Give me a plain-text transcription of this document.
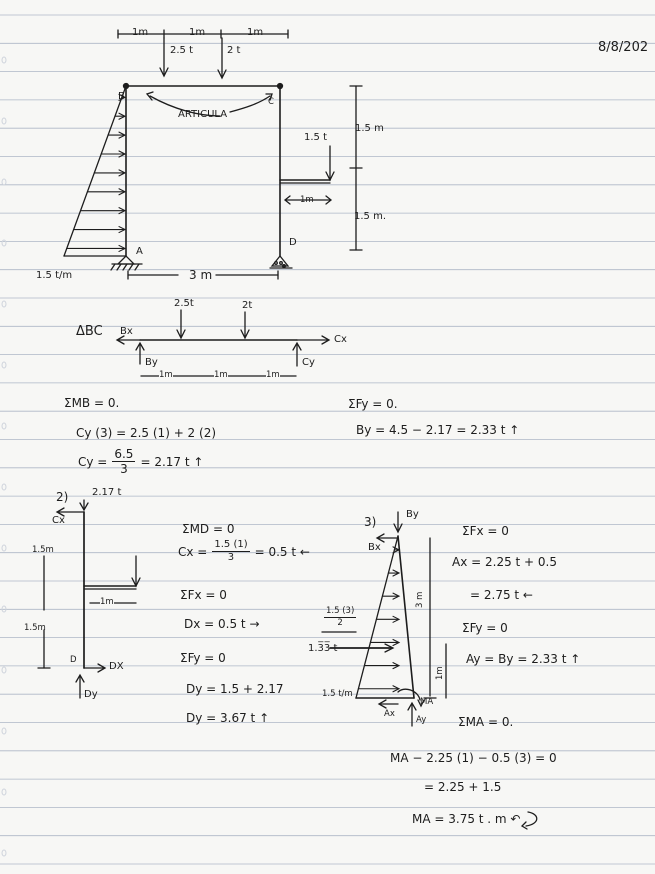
8/8/202
1m	1m	1m
2.5 t	2 t
B	C
ARTICULA
1.5 m
1.5 t
1m
1.5 m.
A
D
1.5 t/m	3 m
ΔBC Bx
2.5t	2t
Cx
By	Cy
1m	1m	1m
ΣMB = 0.
Cy (3) = 2.5 (1) + 2 (2)
$Cy = \frac{6.5}{3} = 2.17$ t ↑
ΣFy = 0.
By = 4.5 − 2.17 = 2.33 t ↑
2) 2.17 t
Cx
1.5m
1.5m
1m
D
DX
Dy
ΣMD = 0
$Cx = \frac{1.5 (1)}{3} = 0.5$ t ←
ΣFx = 0
Dx = 0.5 t →
ΣFy = 0
Dy = 1.5 + 2.17
Dy = 3.67 t ↑
3)
By
Bx
$\frac{1.5 (3)}{2}$
1.3̅3̅ t
1.5 t/m
3 m
1m
Ax
Ay
MA
ΣFx = 0
Ax = 2.25 t + 0.5
= 2.75 t ←
ΣFy = 0
Ay = By = 2.33 t ↑
ΣMA = 0.
MA − 2.25 (1) − 0.5 (3) = 0
= 2.25 + 1.5
MA = 3.75 t . m ↶
